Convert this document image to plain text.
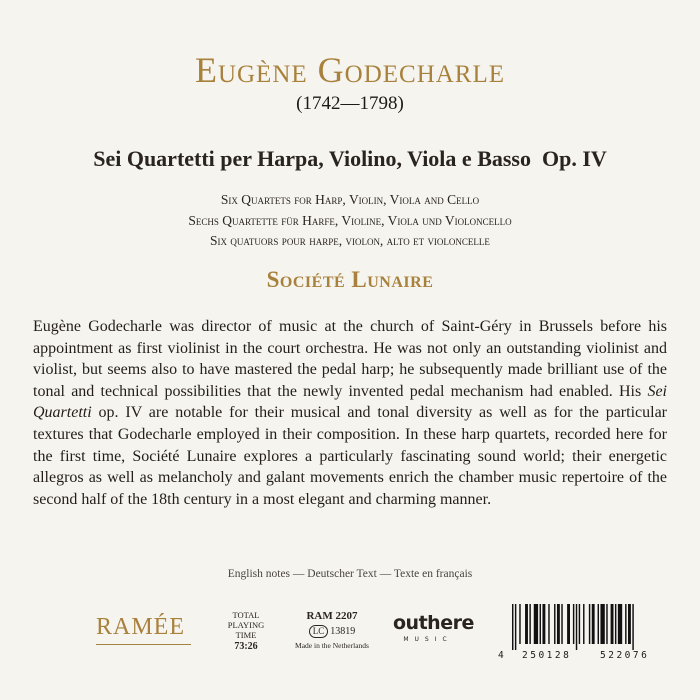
Eugène Godecharle
(1742—1798)
Sei Quartetti per Harpa, Violino, Viola e Basso  Op. IV
Six Quartets for Harp, Violin, Viola and Cello
Sechs Quartette für Harfe, Violine, Viola und Violoncello
Six quatuors pour harpe, violon, alto et violoncelle
Société Lunaire
Eugène Godecharle was director of music at the church of Saint-Géry in Brussels before his appointment as first violinist in the court orchestra. He was not only an outstanding violinist and violist, but seems also to have mastered the pedal harp; he subsequently made brilliant use of the tonal and technical possibilities that the newly invented pedal mechanism had enabled. His Sei Quartetti op. IV are notable for their musical and tonal diversity as well as for the particular textures that Godecharle employed in their composition. In these harp quartets, recorded here for the first time, Société Lunaire explores a particularly fascinating sound world; their energetic allegros as well as melancholy and galant movements enrich the chamber music repertoire of the second half of the 18th century in a most elegant and charming manner.
English notes — Deutscher Text — Texte en français
RAMÉE	TOTAL
PLAYING
TIME
73:26
RAM 2207
LC 13819
Made in the Netherlands
outhere
MUSIC
4 250128	522076
